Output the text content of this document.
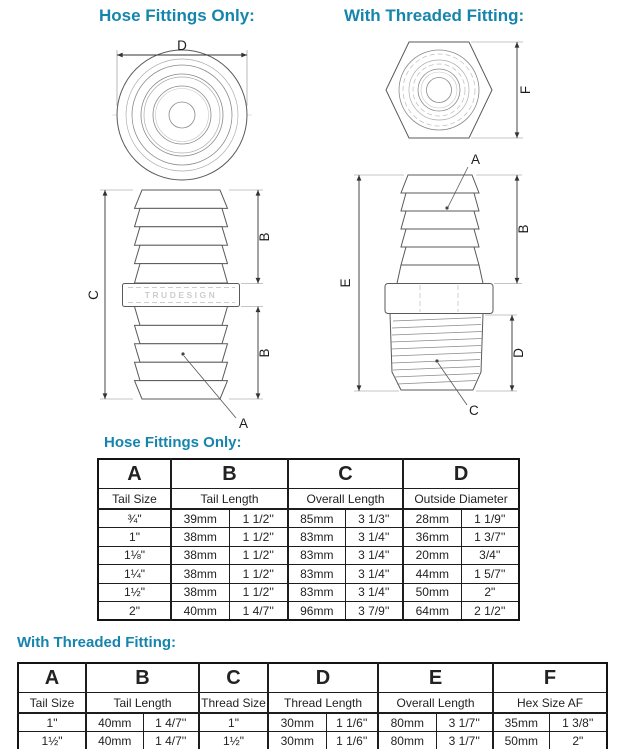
Hose Fittings Only:	With Threaded Fitting:
Hose Fittings Only:
With Threaded Fitting:
D
F
TRUDESIGN
C
B
B
A
E
B
D
A
C
A	B		C		D	
Tail Size	Tail Length		Overall Length		Outside Diameter	
¾"	39mm	1 1/2''	85mm	3 1/3''	28mm	1 1/9''
1"	38mm	1 1/2''	83mm	3 1/4''	36mm	1 3/7''
1⅛"	38mm	1 1/2''	83mm	3 1/4''	20mm	3/4''
1¼"	38mm	1 1/2''	83mm	3 1/4''	44mm	1 5/7''
1½"	38mm	1 1/2''	83mm	3 1/4''	50mm	2"
2"	40mm	1 4/7''	96mm	3 7/9''	64mm	2 1/2''
A	B		C	D		E		F	
Tail Size	Tail Length		Thread Size	Thread Length		Overall Length		Hex Size AF	
1"	40mm	1 4/7''	1"	30mm	1 1/6''	80mm	3 1/7''	35mm	1 3/8''
1½"	40mm	1 4/7''	1½"	30mm	1 1/6''	80mm	3 1/7''	50mm	2"
